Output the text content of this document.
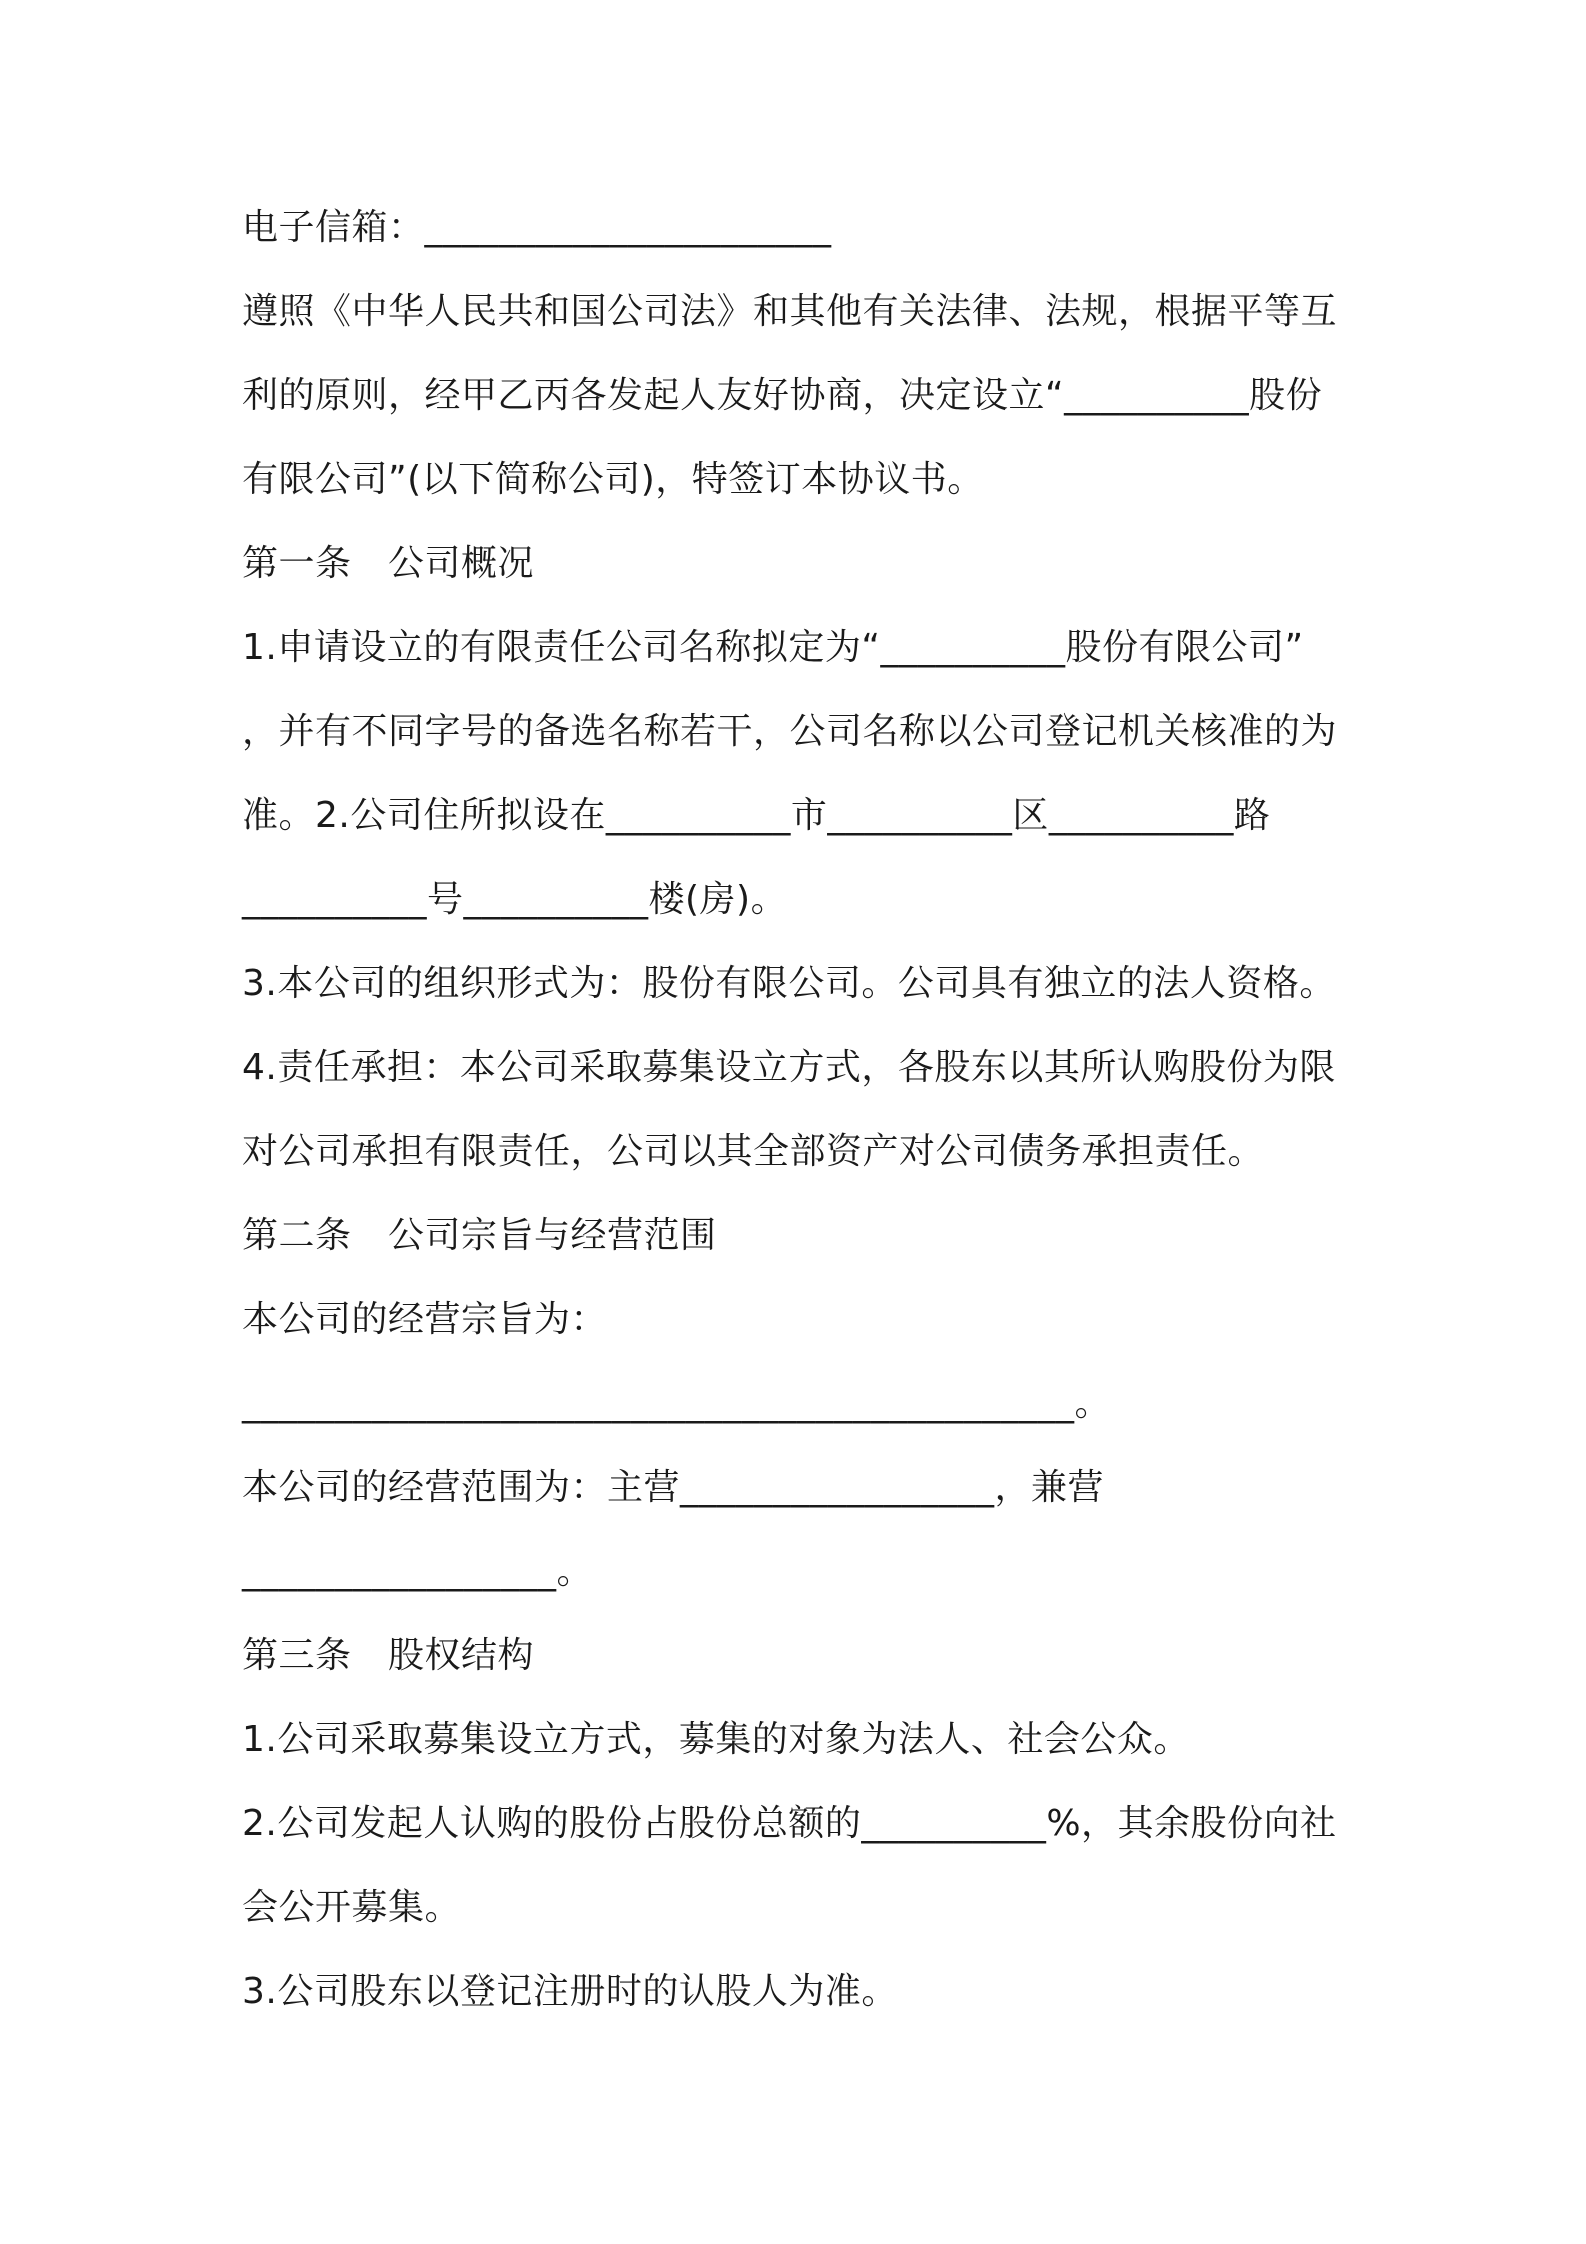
电子信箱：______________________
遵照《中华人民共和国公司法》和其他有关法律、法规，根据平等互
利的原则，经甲乙丙各发起人友好协商，决定设立“__________股份
有限公司”(以下简称公司)，特签订本协议书。
第一条　公司概况
1.申请设立的有限责任公司名称拟定为“__________股份有限公司”
，并有不同字号的备选名称若干，公司名称以公司登记机关核准的为
准。2.公司住所拟设在__________市__________区__________路
__________号__________楼(房)。
3.本公司的组织形式为：股份有限公司。公司具有独立的法人资格。
4.责任承担：本公司采取募集设立方式，各股东以其所认购股份为限
对公司承担有限责任，公司以其全部资产对公司债务承担责任。
第二条　公司宗旨与经营范围
本公司的经营宗旨为：
_____________________________________________。
本公司的经营范围为：主营_________________，兼营
_________________。
第三条　股权结构
1.公司采取募集设立方式，募集的对象为法人、社会公众。
2.公司发起人认购的股份占股份总额的__________%，其余股份向社
会公开募集。
3.公司股东以登记注册时的认股人为准。
